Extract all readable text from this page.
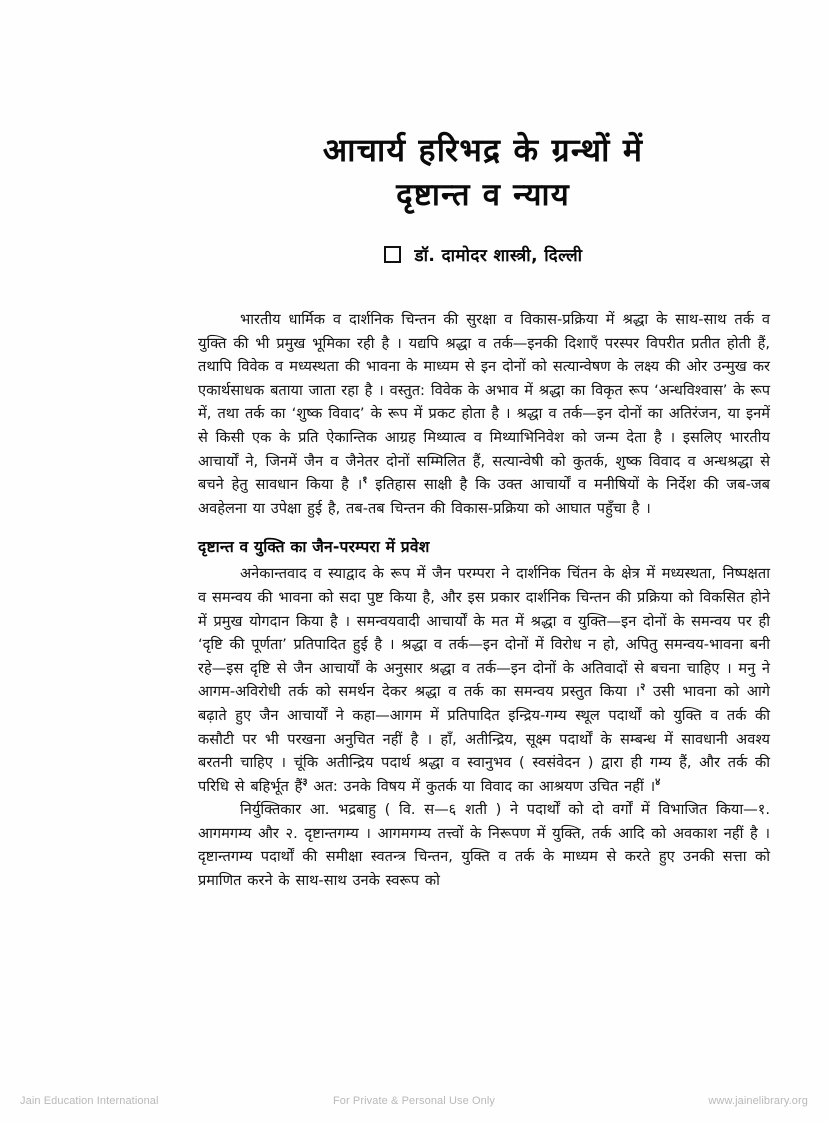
आचार्य हरिभद्र के ग्रन्थों में
दृष्टान्त व न्याय
डॉ. दामोदर शास्त्री, दिल्ली

भारतीय धार्मिक व दार्शनिक चिन्तन की सुरक्षा व विकास-प्रक्रिया में श्रद्धा के साथ-साथ तर्क व युक्ति की भी प्रमुख भूमिका रही है । यद्यपि श्रद्धा व तर्क—इनकी दिशाएँ परस्पर विपरीत प्रतीत होती हैं, तथापि विवेक व मध्यस्थता की भावना के माध्यम से इन दोनों को सत्यान्वेषण के लक्ष्य की ओर उन्मुख कर एकार्थसाधक बताया जाता रहा है । वस्तुत: विवेक के अभाव में श्रद्धा का विकृत रूप ‘अन्धविश्वास’ के रूप में, तथा तर्क का ‘शुष्क विवाद’ के रूप में प्रकट होता है । श्रद्धा व तर्क—इन दोनों का अतिरंजन, या इनमें से किसी एक के प्रति ऐकान्तिक आग्रह मिथ्यात्व व मिथ्याभिनिवेश को जन्म देता है । इसलिए भारतीय आचार्यों ने, जिनमें जैन व जैनेतर दोनों सम्मिलित हैं, सत्यान्वेषी को कुतर्क, शुष्क विवाद व अन्धश्रद्धा से बचने हेतु सावधान किया है ।$^१$ इतिहास साक्षी है कि उक्त आचार्यों व मनीषियों के निर्देश की जब-जब अवहेलना या उपेक्षा हुई है, तब-तब चिन्तन की विकास-प्रक्रिया को आघात पहुँचा है ।

दृष्टान्त व युक्ति का जैन-परम्परा में प्रवेश

अनेकान्तवाद व स्याद्वाद के रूप में जैन परम्परा ने दार्शनिक चिंतन के क्षेत्र में मध्यस्थता, निष्पक्षता व समन्वय की भावना को सदा पुष्ट किया है, और इस प्रकार दार्शनिक चिन्तन की प्रक्रिया को विकसित होने में प्रमुख योगदान किया है । समन्वयवादी आचार्यों के मत में श्रद्धा व युक्ति—इन दोनों के समन्वय पर ही ‘दृष्टि की पूर्णता’ प्रतिपादित हुई है । श्रद्धा व तर्क—इन दोनों में विरोध न हो, अपितु समन्वय-भावना बनी रहे—इस दृष्टि से जैन आचार्यों के अनुसार श्रद्धा व तर्क—इन दोनों के अतिवादों से बचना चाहिए । मनु ने आगम-अविरोधी तर्क को समर्थन देकर श्रद्धा व तर्क का समन्वय प्रस्तुत किया ।$^२$ उसी भावना को आगे बढ़ाते हुए जैन आचार्यों ने कहा—आगम में प्रतिपादित इन्द्रिय-गम्य स्थूल पदार्थों को युक्ति व तर्क की कसौटी पर भी परखना अनुचित नहीं है । हाँ, अतीन्द्रिय, सूक्ष्म पदार्थों के सम्बन्ध में सावधानी अवश्य बरतनी चाहिए । चूंकि अतीन्द्रिय पदार्थ श्रद्धा व स्वानुभव ( स्वसंवेदन ) द्वारा ही गम्य हैं, और तर्क की परिधि से बहिर्भूत हैं$^३$ अत: उनके विषय में कुतर्क या विवाद का आश्रयण उचित नहीं ।$^४$

निर्युक्तिकार आ. भद्रबाहु ( वि. स—६ शती ) ने पदार्थों को दो वर्गों में विभाजित किया—१. आगमगम्य और २. दृष्टान्तगम्य । आगमगम्य तत्त्वों के निरूपण में युक्ति, तर्क आदि को अवकाश नहीं है । दृष्टान्तगम्य पदार्थों की समीक्षा स्वतन्त्र चिन्तन, युक्ति व तर्क के माध्यम से करते हुए उनकी सत्ता को प्रमाणित करने के साथ-साथ उनके स्वरूप को

Jain Education International	For Private & Personal Use Only	www.jainelibrary.org
